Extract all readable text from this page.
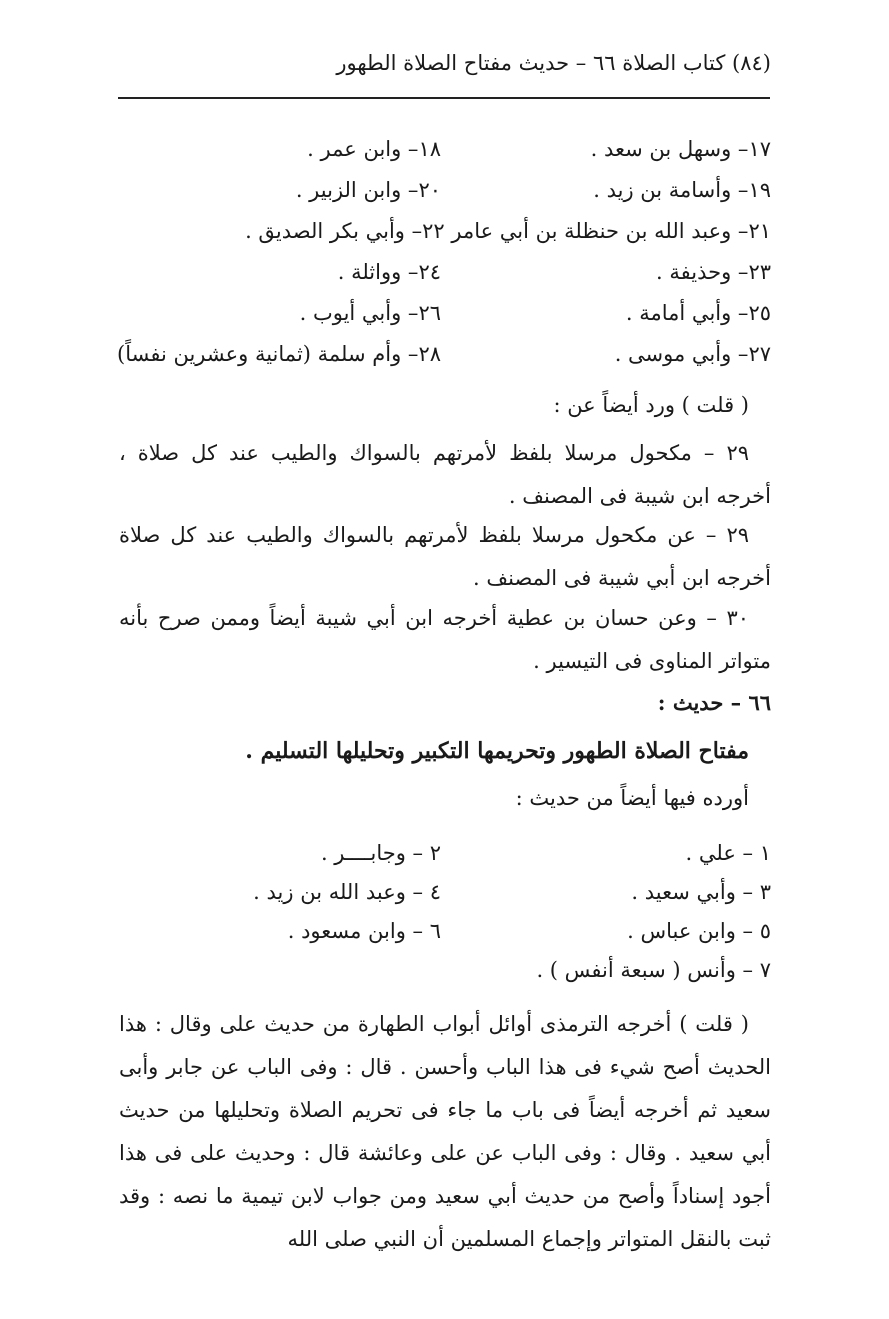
(٨٤) كتاب الصلاة ٦٦ – حديث مفتاح الصلاة الطهور
١٧– وسهل بن سعد .
١٨– وابن عمر .
١٩– وأسامة بن زيد .
٢٠– وابن الزبير .
٢١– وعبد الله بن حنظلة بن أبي عامر ٢٢– وأبي بكر الصديق .
٢٣– وحذيفة .
٢٤– وواثلة .
٢٥– وأبي أمامة .
٢٦– وأبي أيوب .
٢٧– وأبي موسى .
٢٨– وأم سلمة (ثمانية وعشرين نفساً)
( قلت ) ورد أيضاً عن :
٢٩ – مكحول مرسلا بلفظ لأمرتهم بالسواك والطيب عند كل صلاة ، أخرجه ابن شيبة فى المصنف .
٢٩ – عن مكحول مرسلا بلفظ لأمرتهم بالسواك والطيب عند كل صلاة أخرجه ابن أبي شيبة فى المصنف .
٣٠ – وعن حسان بن عطية أخرجه ابن أبي شيبة أيضاً وممن صرح بأنه متواتر المناوى فى التيسير .
٦٦ – حديث :
مفتاح الصلاة الطهور وتحريمها التكبير وتحليلها التسليم .
أورده فيها أيضاً من حديث :
١ – علي .
٢ – وجابــــر .
٣ – وأبي سعيد .
٤ – وعبد الله بن زيد .
٥ – وابن عباس .
٦ – وابن مسعود .
٧ – وأنس ( سبعة أنفس ) .
( قلت ) أخرجه الترمذى أوائل أبواب الطهارة من حديث على وقال : هذا الحديث أصح شيء فى هذا الباب وأحسن . قال : وفى الباب عن جابر وأبى سعيد ثم أخرجه أيضاً فى باب ما جاء فى تحريم الصلاة وتحليلها من حديث أبي سعيد . وقال : وفى الباب عن على وعائشة قال : وحديث على فى هذا أجود إسناداً وأصح من حديث أبي سعيد ومن جواب لابن تيمية ما نصه : وقد ثبت بالنقل المتواتر وإجماع المسلمين أن النبي صلى الله
